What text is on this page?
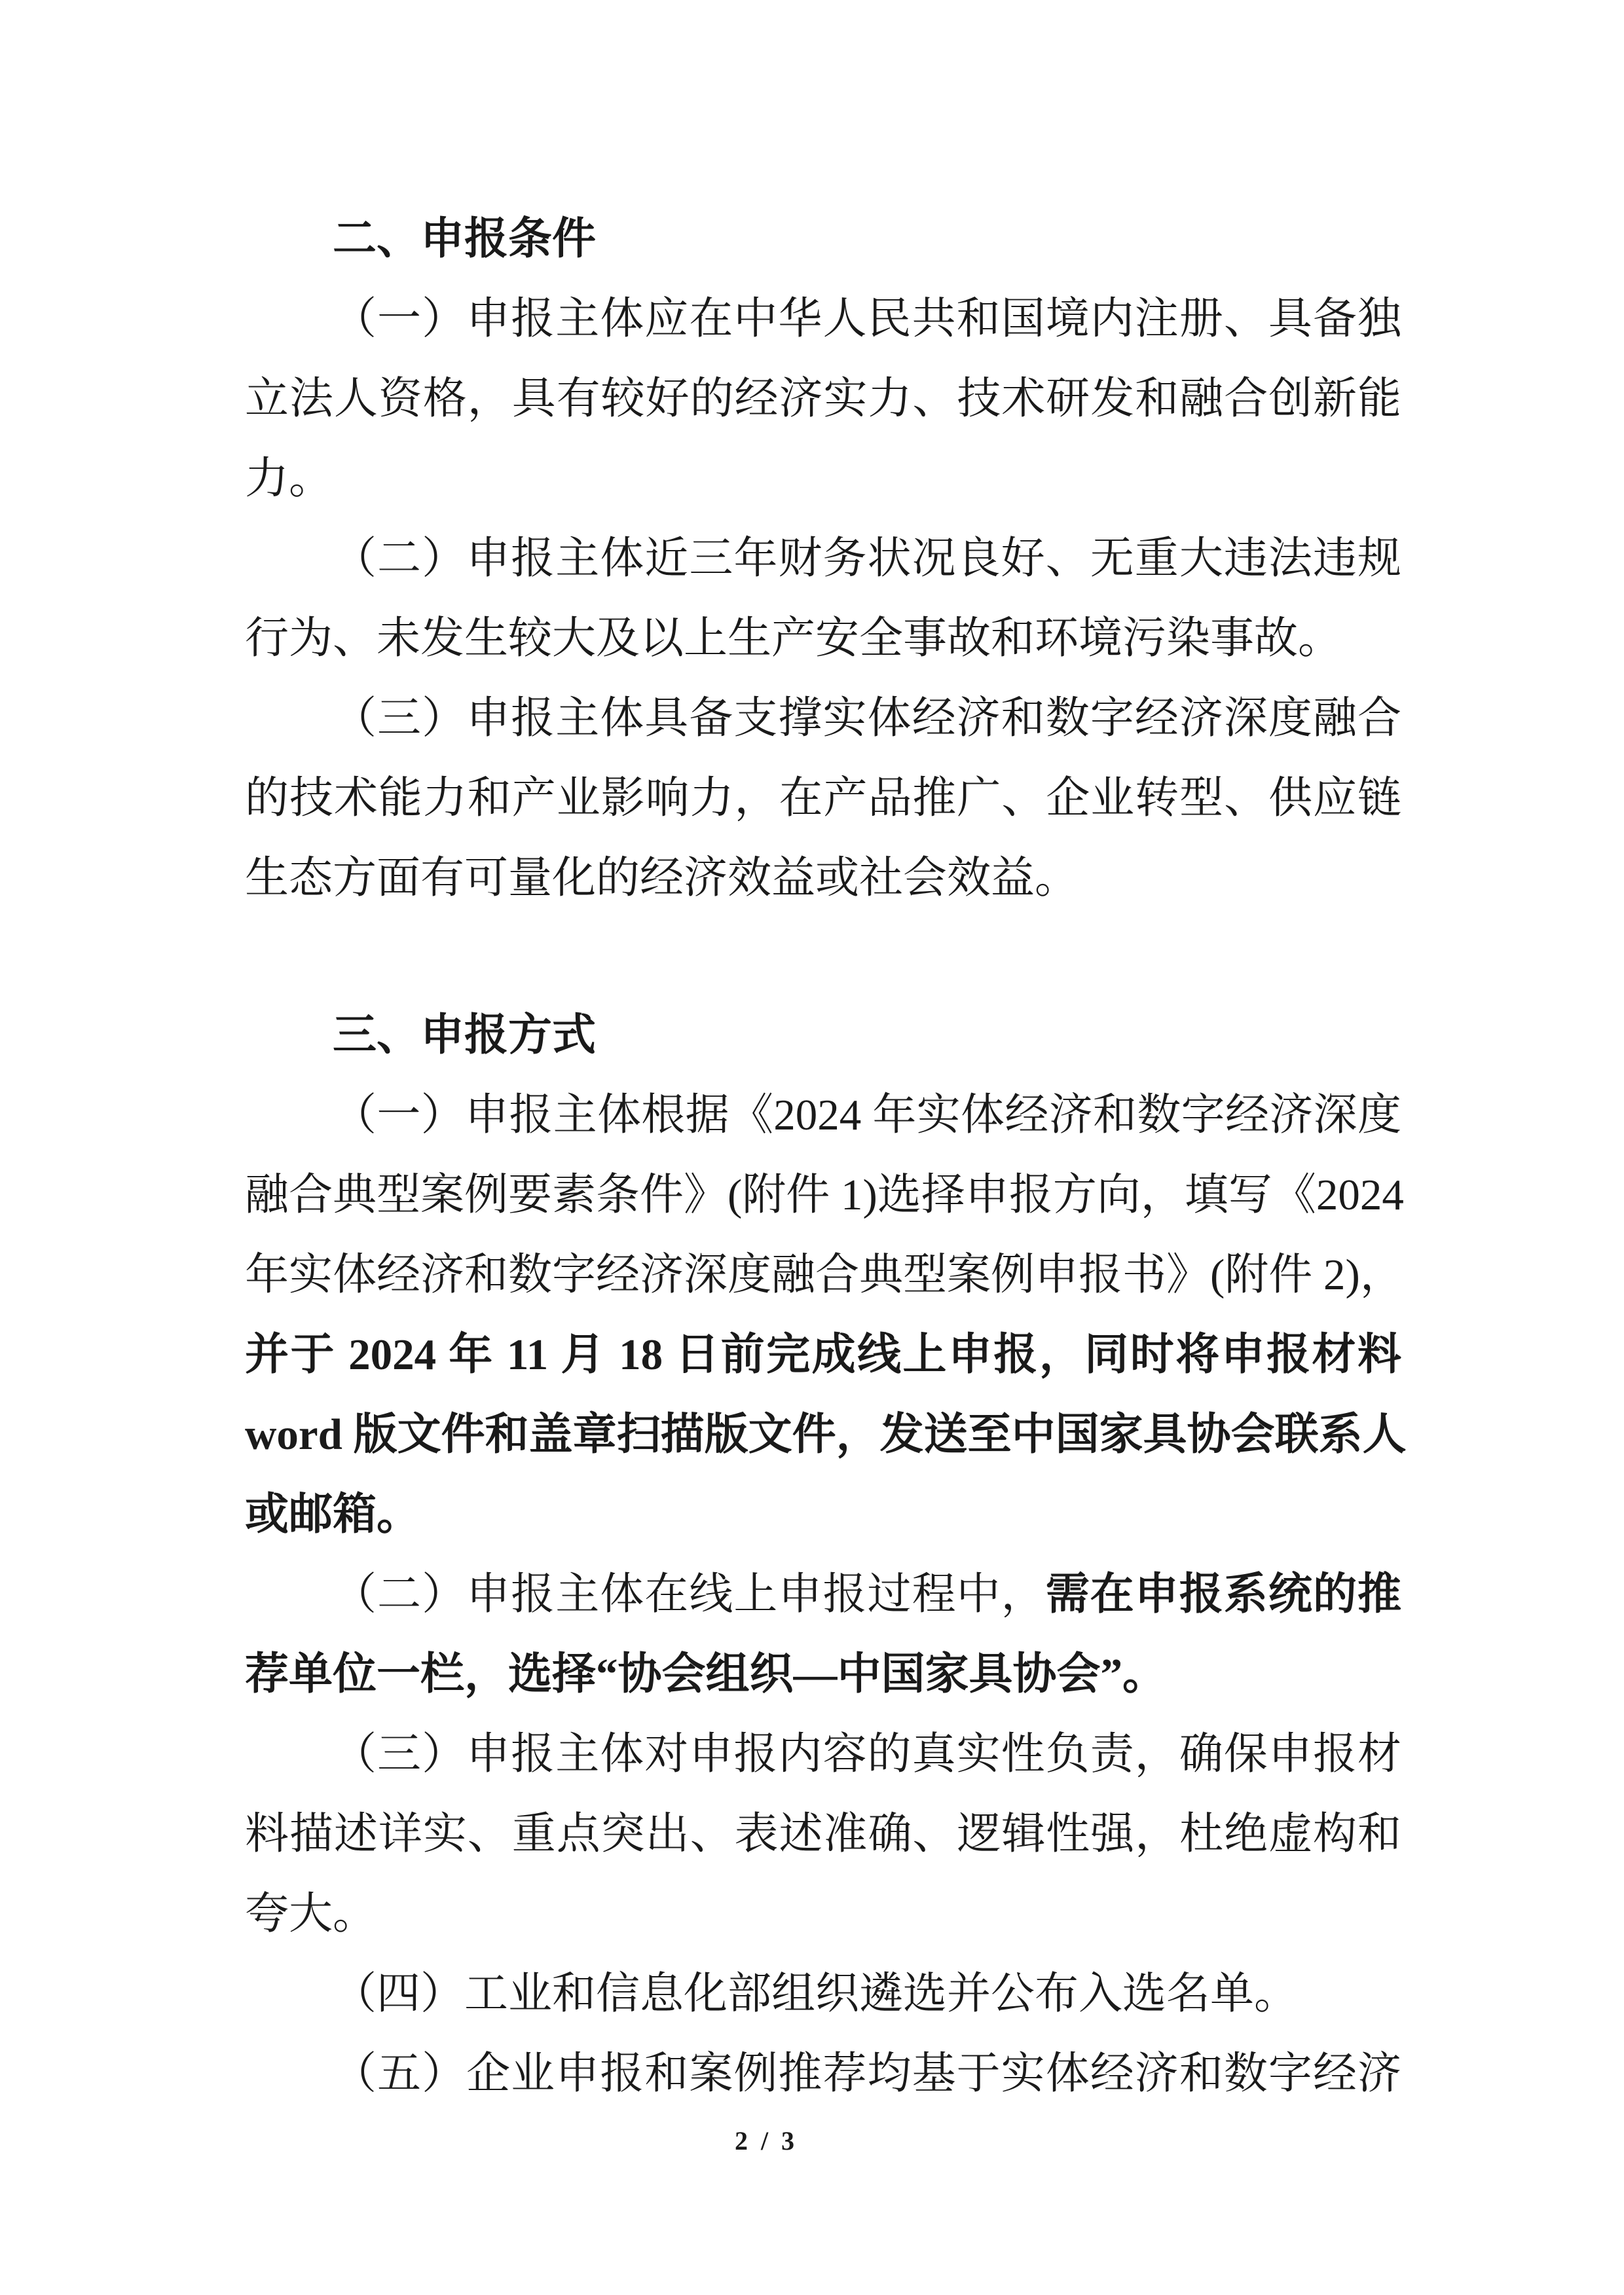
二、申报条件

（一）申报主体应在中华人民共和国境内注册、具备独

立法人资格，具有较好的经济实力、技术研发和融合创新能

力。

（二）申报主体近三年财务状况良好、无重大违法违规

行为、未发生较大及以上生产安全事故和环境污染事故。

（三）申报主体具备支撑实体经济和数字经济深度融合

的技术能力和产业影响力，在产品推广、企业转型、供应链

生态方面有可量化的经济效益或社会效益。

三、申报方式

（一）申报主体根据《2024 年实体经济和数字经济深度

融合典型案例要素条件》(附件 1)选择申报方向，填写《2024

年实体经济和数字经济深度融合典型案例申报书》(附件 2)，

并于 2024 年 11 月 18 日前完成线上申报，同时将申报材料

word 版文件和盖章扫描版文件，发送至中国家具协会联系人

或邮箱。

（二）申报主体在线上申报过程中，需在申报系统的推

荐单位一栏，选择“协会组织—中国家具协会”。

（三）申报主体对申报内容的真实性负责，确保申报材

料描述详实、重点突出、表述准确、逻辑性强，杜绝虚构和

夸大。

（四）工业和信息化部组织遴选并公布入选名单。

（五）企业申报和案例推荐均基于实体经济和数字经济

2 / 3
